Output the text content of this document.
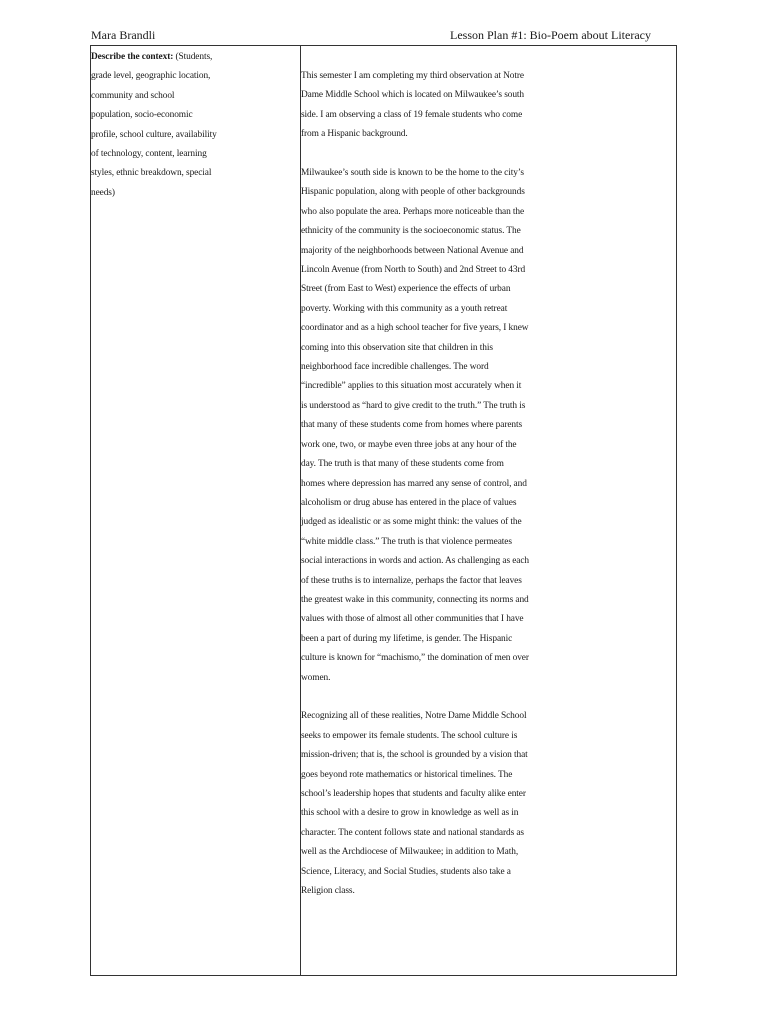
Mara Brandli	Lesson Plan #1: Bio-Poem about Literacy
Describe the context: (Students,
grade level, geographic location,
community and school
population, socio-economic
profile, school culture, availability
of technology, content, learning
styles, ethnic breakdown, special
needs)

This semester I am completing my third observation at Notre
Dame Middle School which is located on Milwaukee’s south
side. I am observing a class of 19 female students who come
from a Hispanic background.

Milwaukee’s south side is known to be the home to the city’s
Hispanic population, along with people of other backgrounds
who also populate the area. Perhaps more noticeable than the
ethnicity of the community is the socioeconomic status. The
majority of the neighborhoods between National Avenue and
Lincoln Avenue (from North to South) and 2nd Street to 43rd
Street (from East to West) experience the effects of urban
poverty. Working with this community as a youth retreat
coordinator and as a high school teacher for five years, I knew
coming into this observation site that children in this
neighborhood face incredible challenges. The word
“incredible” applies to this situation most accurately when it
is understood as “hard to give credit to the truth.” The truth is
that many of these students come from homes where parents
work one, two, or maybe even three jobs at any hour of the
day. The truth is that many of these students come from
homes where depression has marred any sense of control, and
alcoholism or drug abuse has entered in the place of values
judged as idealistic or as some might think: the values of the
“white middle class.” The truth is that violence permeates
social interactions in words and action. As challenging as each
of these truths is to internalize, perhaps the factor that leaves
the greatest wake in this community, connecting its norms and
values with those of almost all other communities that I have
been a part of during my lifetime, is gender. The Hispanic
culture is known for “machismo,” the domination of men over
women.

Recognizing all of these realities, Notre Dame Middle School
seeks to empower its female students. The school culture is
mission-driven; that is, the school is grounded by a vision that
goes beyond rote mathematics or historical timelines. The
school’s leadership hopes that students and faculty alike enter
this school with a desire to grow in knowledge as well as in
character. The content follows state and national standards as
well as the Archdiocese of Milwaukee; in addition to Math,
Science, Literacy, and Social Studies, students also take a
Religion class.
